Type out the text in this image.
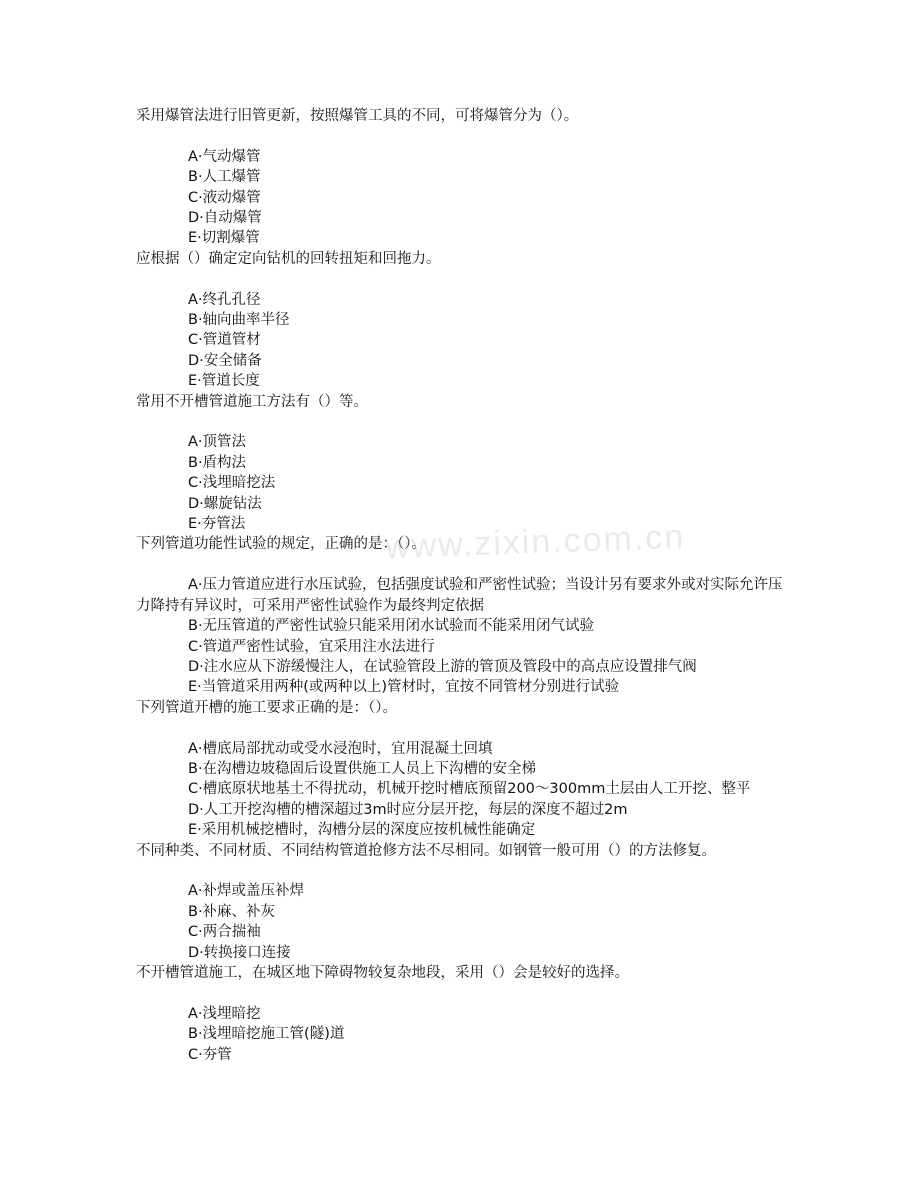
采用爆管法进行旧管更新，按照爆管工具的不同，可将爆管分为（）。
A·气动爆管
B·人工爆管
C·液动爆管
D·自动爆管
E·切割爆管
应根据（）确定定向钻机的回转扭矩和回拖力。
A·终孔孔径
B·轴向曲率半径
C·管道管材
D·安全储备
E·管道长度
常用不开槽管道施工方法有（）等。
A·顶管法
B·盾构法
C·浅埋暗挖法
D·螺旋钻法
E·夯管法
下列管道功能性试验的规定，正确的是：（）。
A·压力管道应进行水压试验，包括强度试验和严密性试验；当设计另有要求外或对实际允许压力降持有异议时，可采用严密性试验作为最终判定依据
B·无压管道的严密性试验只能采用闭水试验而不能采用闭气试验
C·管道严密性试验，宜采用注水法进行
D·注水应从下游缓慢注人，在试验管段上游的管顶及管段中的高点应设置排气阀
E·当管道采用两种(或两种以上)管材时，宜按不同管材分别进行试验
下列管道开槽的施工要求正确的是：（）。
A·槽底局部扰动或受水浸泡时，宜用混凝土回填
B·在沟槽边坡稳固后设置供施工人员上下沟槽的安全梯
C·槽底原状地基土不得扰动，机械开挖时槽底预留200～300mm土层由人工开挖、整平
D·人工开挖沟槽的槽深超过3m时应分层开挖，每层的深度不超过2m
E·采用机械挖槽时，沟槽分层的深度应按机械性能确定
不同种类、不同材质、不同结构管道抢修方法不尽相同。如钢管一般可用（）的方法修复。
A·补焊或盖压补焊
B·补麻、补灰
C·两合揣袖
D·转换接口连接
不开槽管道施工，在城区地下障碍物较复杂地段，采用（）会是较好的选择。
A·浅埋暗挖
B·浅埋暗挖施工管(隧)道
C·夯管
www.zixin.com.cn
